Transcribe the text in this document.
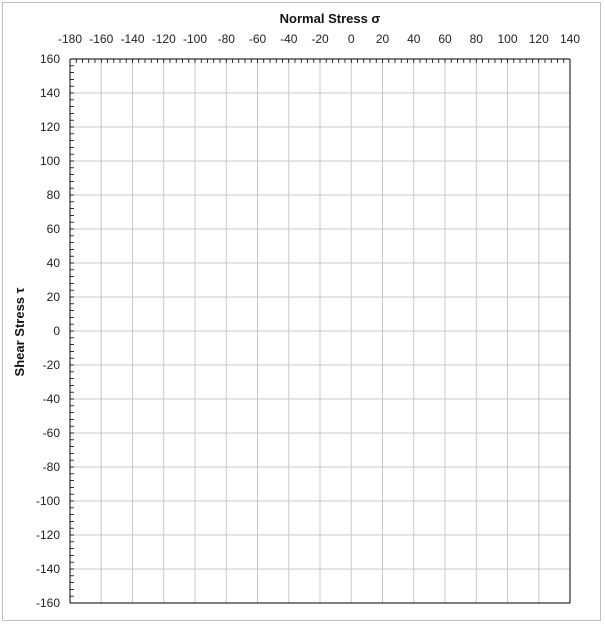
Normal Stress σ
Shear Stress τ
-180 -160 -140 -120 -100 -80 -60 -40 -20 0 20 40 60 80 100 120 140
160
140
120
100
80
60
40
20
0
-20
-40
-60
-80
-100
-120
-140
-160
